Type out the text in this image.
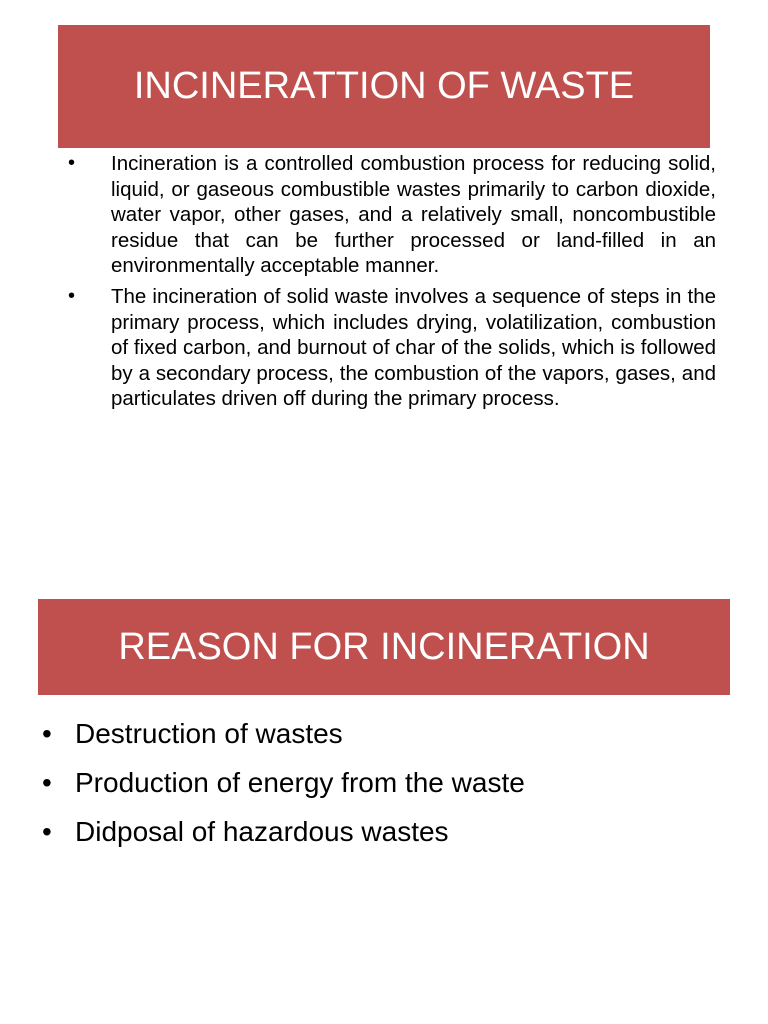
INCINERATTION OF WASTE
• Incineration is a controlled combustion process for reducing solid, liquid, or gaseous combustible wastes primarily to carbon dioxide, water vapor, other gases, and a relatively small, noncombustible residue that can be further processed or land-filled in an environmentally acceptable manner.
• The incineration of solid waste involves a sequence of steps in the primary process, which includes drying, volatilization, combustion of fixed carbon, and burnout of char of the solids, which is followed by a secondary process, the combustion of the vapors, gases, and particulates driven off during the primary process.
REASON FOR INCINERATION
• Destruction of wastes
• Production of energy from the waste
• Didposal of hazardous wastes
